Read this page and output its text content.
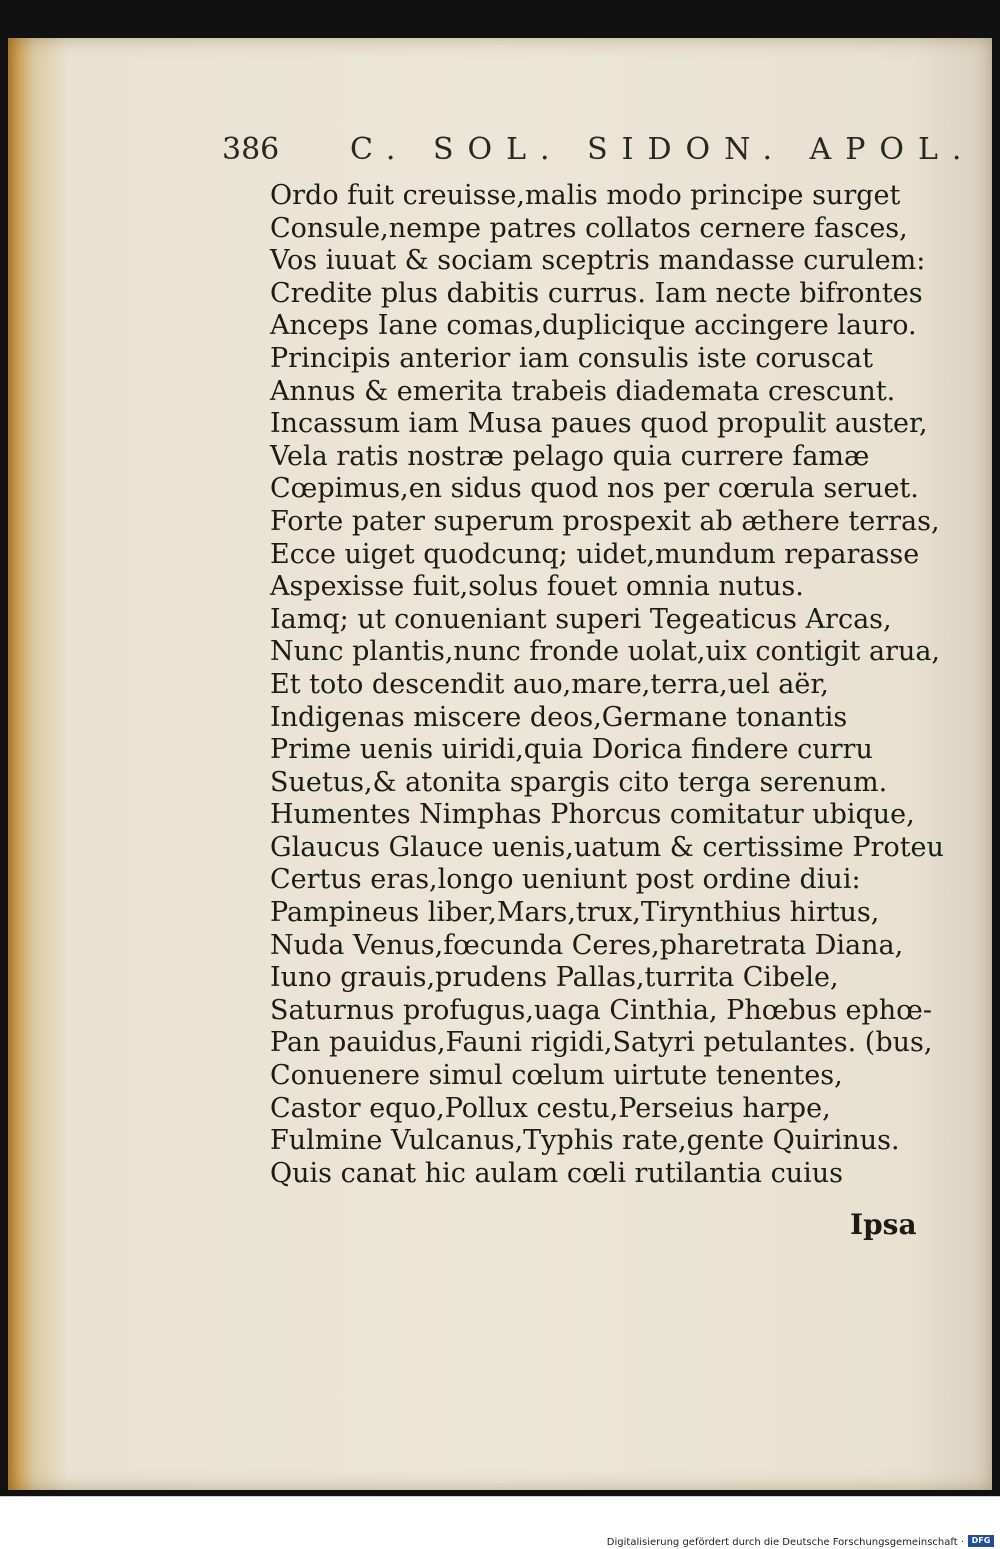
386 C. SOL. SIDON. APOL.
Ordo fuit creuisse,malis modo principe surget
Consule,nempe patres collatos cernere fasces,
Vos iuuat & sociam sceptris mandasse curulem:
Credite plus dabitis currus. Iam necte bifrontes
Anceps Iane comas,duplicique accingere lauro.
Principis anterior iam consulis iste coruscat
Annus & emerita trabeis diademata crescunt.
Incassum iam Musa paues quod propulit auster,
Vela ratis nostræ pelago quia currere famæ
Cœpimus,en sidus quod nos per cœrula seruet.
Forte pater superum prospexit ab æthere terras,
Ecce uiget quodcunq; uidet,mundum reparasse
Aspexisse fuit,solus fouet omnia nutus.
Iamq; ut conueniant superi Tegeaticus Arcas,
Nunc plantis,nunc fronde uolat,uix contigit arua,
Et toto descendit auo,mare,terra,uel aër,
Indigenas miscere deos,Germane tonantis
Prime uenis uiridi,quia Dorica findere curru
Suetus,& atonita spargis cito terga serenum.
Humentes Nimphas Phorcus comitatur ubique,
Glaucus Glauce uenis,uatum & certissime Proteu
Certus eras,longo ueniunt post ordine diui:
Pampineus liber,Mars,trux,Tirynthius hirtus,
Nuda Venus,fœcunda Ceres,pharetrata Diana,
Iuno grauis,prudens Pallas,turrita Cibele,
Saturnus profugus,uaga Cinthia, Phœbus ephœ-
Pan pauidus,Fauni rigidi,Satyri petulantes. (bus,
Conuenere simul cœlum uirtute tenentes,
Castor equo,Pollux cestu,Perseius harpe,
Fulmine Vulcanus,Typhis rate,gente Quirinus.
Quis canat hic aulam cœli rutilantia cuius
Ipsa
Digitalisierung gefördert durch die Deutsche Forschungsgemeinschaft · DFG
